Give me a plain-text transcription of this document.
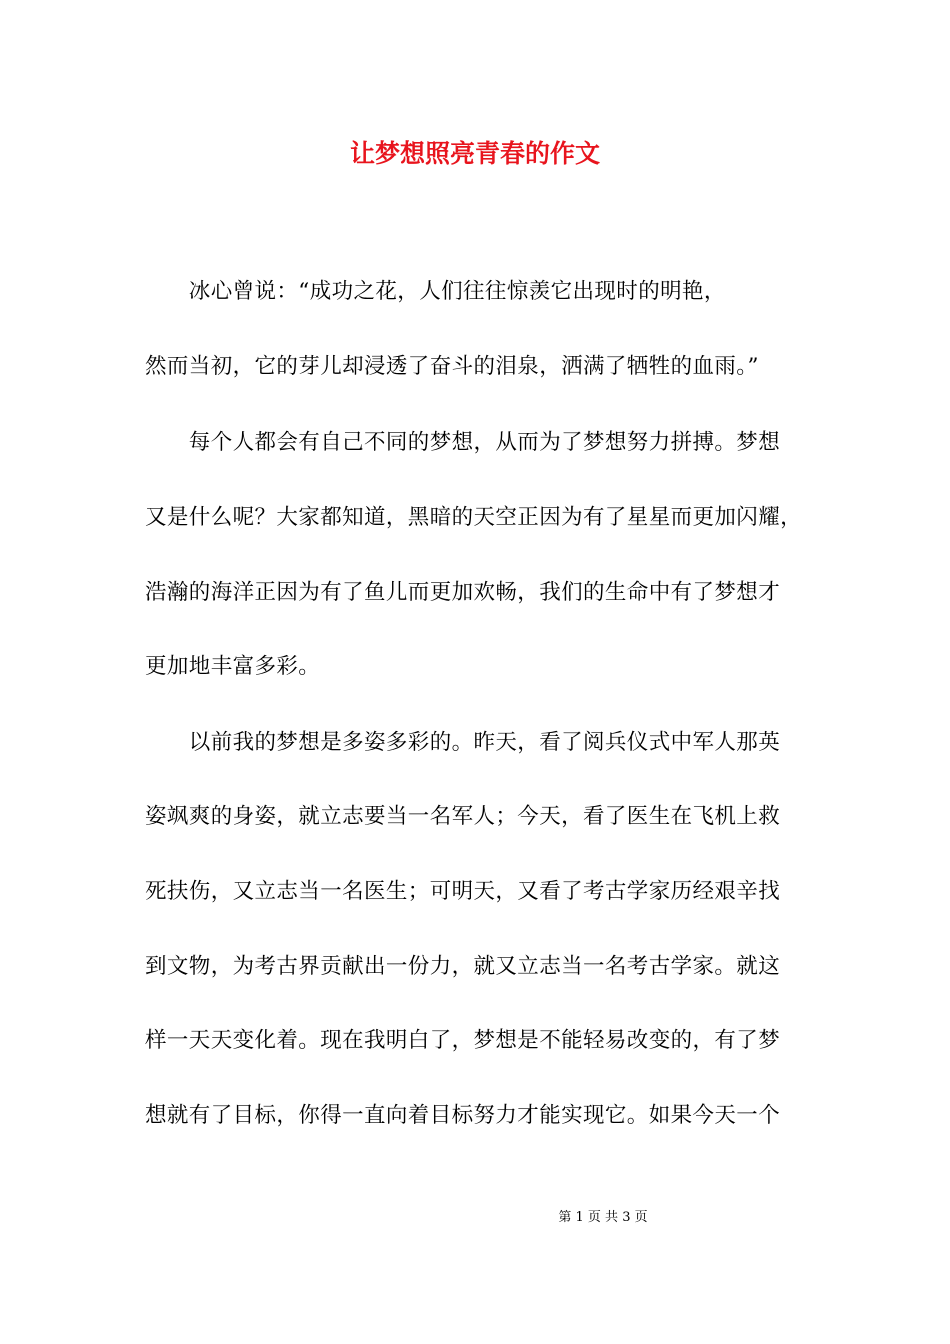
让梦想照亮青春的作文
　　冰心曾说：“成功之花，人们往往惊羡它出现时的明艳，
然而当初，它的芽儿却浸透了奋斗的泪泉，洒满了牺牲的血雨。”
　　每个人都会有自己不同的梦想，从而为了梦想努力拼搏。梦想
又是什么呢？大家都知道，黑暗的天空正因为有了星星而更加闪耀，
浩瀚的海洋正因为有了鱼儿而更加欢畅，我们的生命中有了梦想才
更加地丰富多彩。
　　以前我的梦想是多姿多彩的。昨天，看了阅兵仪式中军人那英
姿飒爽的身姿，就立志要当一名军人；今天，看了医生在飞机上救
死扶伤，又立志当一名医生；可明天，又看了考古学家历经艰辛找
到文物，为考古界贡献出一份力，就又立志当一名考古学家。就这
样一天天变化着。现在我明白了，梦想是不能轻易改变的，有了梦
想就有了目标，你得一直向着目标努力才能实现它。如果今天一个
第 1 页 共 3 页
